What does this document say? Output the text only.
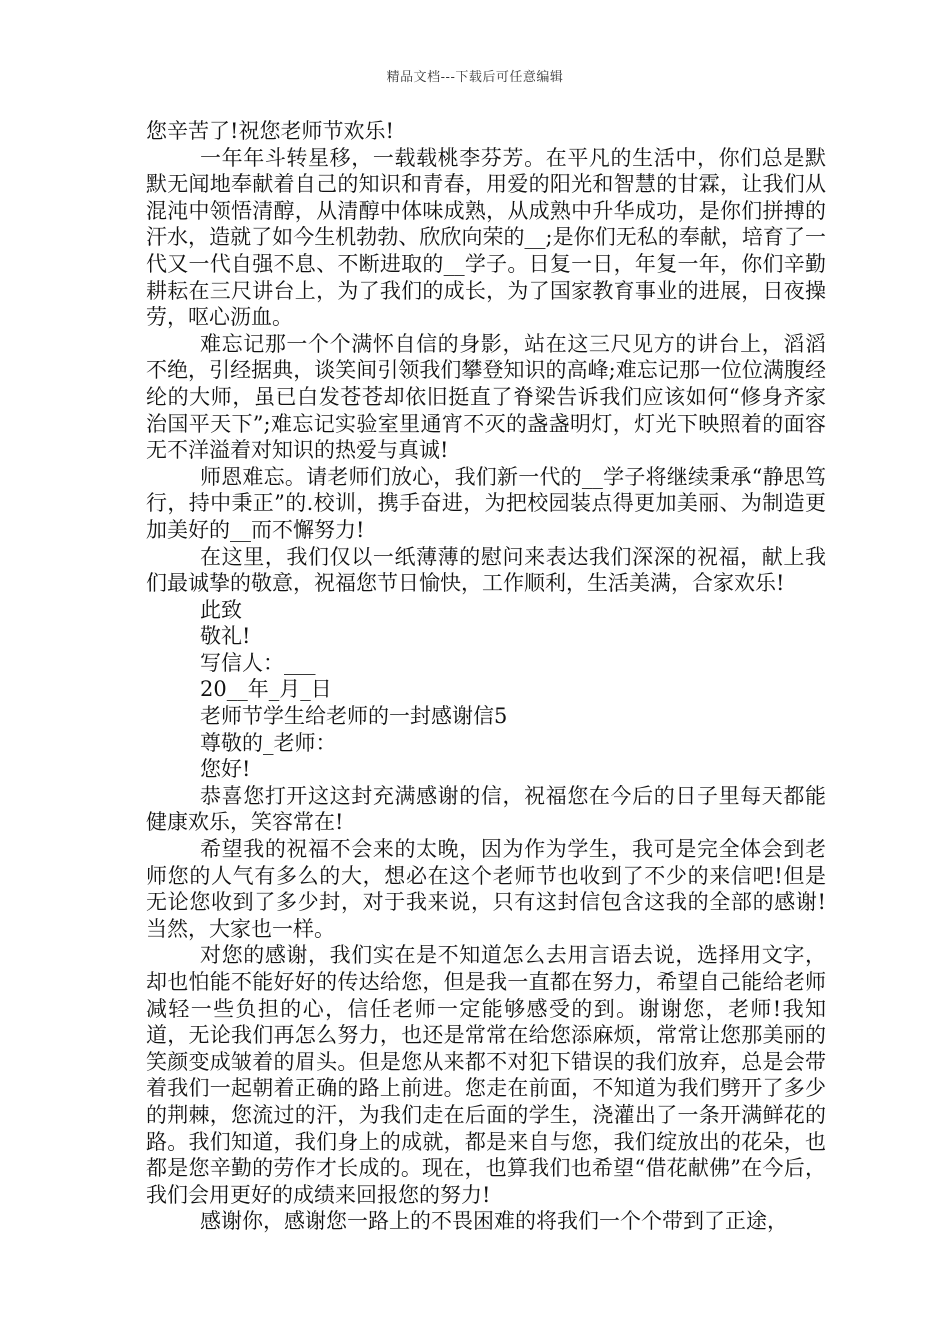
精品文档---下载后可任意编辑

您辛苦了!祝您老师节欢乐!

一年年斗转星移，一载载桃李芬芳。在平凡的生活中，你们总是默默无闻地奉献着自己的知识和青春，用爱的阳光和智慧的甘霖，让我们从混沌中领悟清醇，从清醇中体味成熟，从成熟中升华成功，是你们拼搏的汗水，造就了如今生机勃勃、欣欣向荣的__;是你们无私的奉献，培育了一代又一代自强不息、不断进取的__学子。日复一日，年复一年，你们辛勤耕耘在三尺讲台上，为了我们的成长，为了国家教育事业的进展，日夜操劳，呕心沥血。

难忘记那一个个满怀自信的身影，站在这三尺见方的讲台上，滔滔不绝，引经据典，谈笑间引领我们攀登知识的高峰;难忘记那一位位满腹经纶的大师，虽已白发苍苍却依旧挺直了脊梁告诉我们应该如何“修身齐家治国平天下”;难忘记实验室里通宵不灭的盏盏明灯，灯光下映照着的面容无不洋溢着对知识的热爱与真诚!

师恩难忘。请老师们放心，我们新一代的__学子将继续秉承“静思笃行，持中秉正”的.校训，携手奋进，为把校园装点得更加美丽、为制造更加美好的__而不懈努力!

在这里，我们仅以一纸薄薄的慰问来表达我们深深的祝福，献上我们最诚挚的敬意，祝福您节日愉快，工作顺利，生活美满，合家欢乐!

此致

敬礼!

写信人：___

20__年_月_日

老师节学生给老师的一封感谢信5

尊敬的_老师：

您好!

恭喜您打开这这封充满感谢的信，祝福您在今后的日子里每天都能健康欢乐，笑容常在!

希望我的祝福不会来的太晚，因为作为学生，我可是完全体会到老师您的人气有多么的大，想必在这个老师节也收到了不少的来信吧!但是无论您收到了多少封，对于我来说，只有这封信包含这我的全部的感谢!当然，大家也一样。

对您的感谢，我们实在是不知道怎么去用言语去说，选择用文字，却也怕能不能好好的传达给您，但是我一直都在努力，希望自己能给老师减轻一些负担的心，信任老师一定能够感受的到。谢谢您，老师!我知道，无论我们再怎么努力，也还是常常在给您添麻烦，常常让您那美丽的笑颜变成皱着的眉头。但是您从来都不对犯下错误的我们放弃，总是会带着我们一起朝着正确的路上前进。您走在前面，不知道为我们劈开了多少的荆棘，您流过的汗，为我们走在后面的学生，浇灌出了一条开满鲜花的路。我们知道，我们身上的成就，都是来自与您，我们绽放出的花朵，也都是您辛勤的劳作才长成的。现在，也算我们也希望“借花献佛”在今后，我们会用更好的成绩来回报您的努力!

感谢你，感谢您一路上的不畏困难的将我们一个个带到了正途，
